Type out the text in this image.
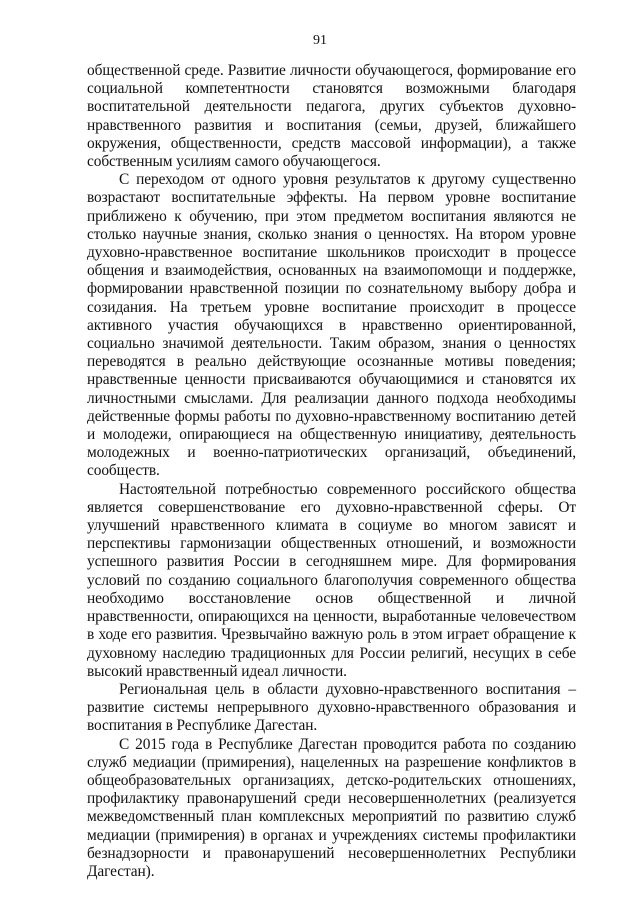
91

общественной среде. Развитие личности обучающегося, формирование его социальной компетентности становятся возможными благодаря воспитательной деятельности педагога, других субъектов духовно-нравственного развития и воспитания (семьи, друзей, ближайшего окружения, общественности, средств массовой информации), а также собственным усилиям самого обучающегося.

С переходом от одного уровня результатов к другому существенно возрастают воспитательные эффекты. На первом уровне воспитание приближено к обучению, при этом предметом воспитания являются не столько научные знания, сколько знания о ценностях. На втором уровне духовно-нравственное воспитание школьников происходит в процессе общения и взаимодействия, основанных на взаимопомощи и поддержке, формировании нравственной позиции по сознательному выбору добра и созидания. На третьем уровне воспитание происходит в процессе активного участия обучающихся в нравственно ориентированной, социально значимой деятельности. Таким образом, знания о ценностях переводятся в реально действующие осознанные мотивы поведения; нравственные ценности присваиваются обучающимися и становятся их личностными смыслами. Для реализации данного подхода необходимы действенные формы работы по духовно-нравственному воспитанию детей и молодежи, опирающиеся на общественную инициативу, деятельность молодежных и военно-патриотических организаций, объединений, сообществ.

Настоятельной потребностью современного российского общества является совершенствование его духовно-нравственной сферы. От улучшений нравственного климата в социуме во многом зависят и перспективы гармонизации общественных отношений, и возможности успешного развития России в сегодняшнем мире. Для формирования условий по созданию социального благополучия современного общества необходимо восстановление основ общественной и личной нравственности, опирающихся на ценности, выработанные человечеством в ходе его развития. Чрезвычайно важную роль в этом играет обращение к духовному наследию традиционных для России религий, несущих в себе высокий нравственный идеал личности.

Региональная цель в области духовно-нравственного воспитания – развитие системы непрерывного духовно-нравственного образования и воспитания в Республике Дагестан.

С 2015 года в Республике Дагестан проводится работа по созданию служб медиации (примирения), нацеленных на разрешение конфликтов в общеобразовательных организациях, детско-родительских отношениях, профилактику правонарушений среди несовершеннолетних (реализуется межведомственный план комплексных мероприятий по развитию служб медиации (примирения) в органах и учреждениях системы профилактики безнадзорности и правонарушений несовершеннолетних Республики Дагестан).
